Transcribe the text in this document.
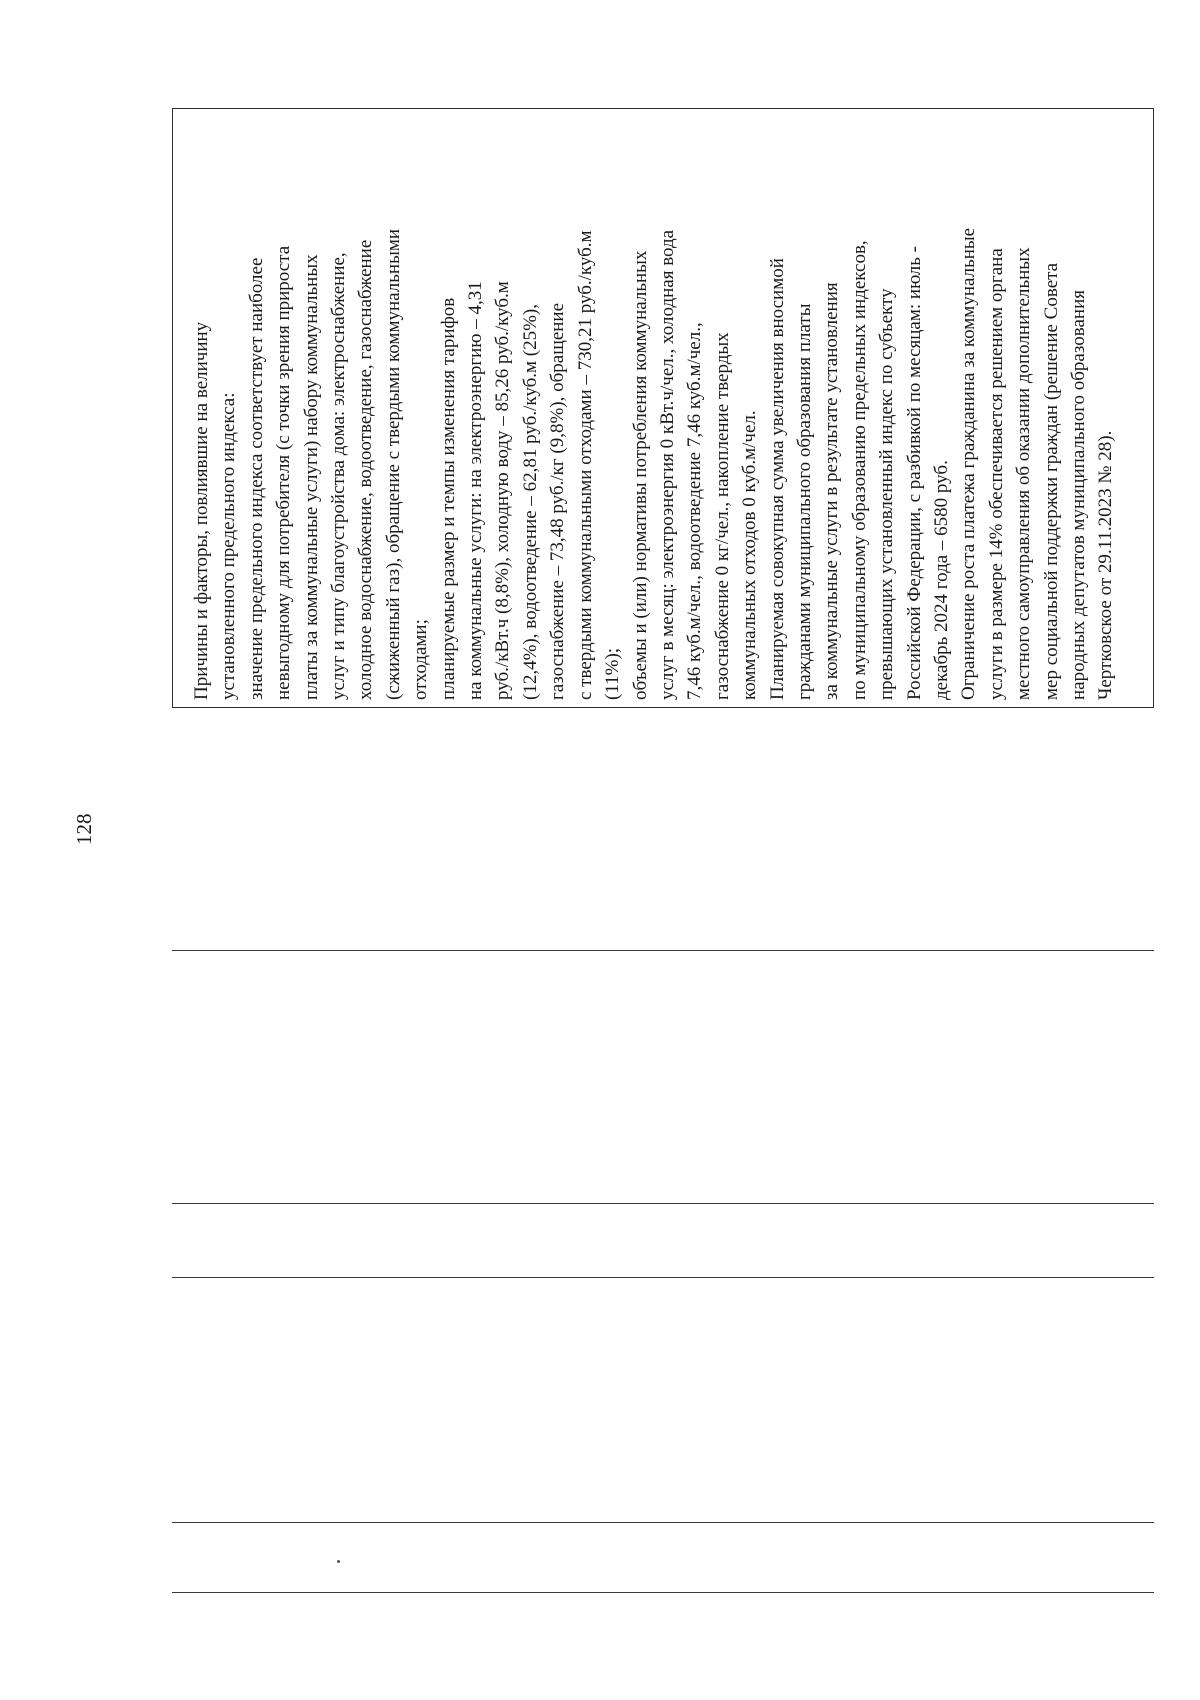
128
Причины и факторы, повлиявшие на величину установленного предельного индекса: значение предельного индекса соответствует наиболее невыгодному для потребителя (с точки зрения прироста платы за коммунальные услуги) набору коммунальных услуг и типу благоустройства дома: электроснабжение, холодное водоснабжение, водоотведение, газоснабжение (сжиженный газ), обращение с твердыми коммунальными отходами; планируемые размер и темпы изменения тарифов на коммунальные услуги: на электроэнергию – 4,31 руб./кВт.ч (8,8%), холодную воду – 85,26 руб./куб.м (12,4%), водоотведение – 62,81 руб./куб.м (25%), газоснабжение – 73,48 руб./кг (9,8%), обращение с твердыми коммунальными отходами – 730,21 руб./куб.м (11%); объемы и (или) нормативы потребления коммунальных услуг в месяц: электроэнергия 0 кВт.ч/чел., холодная вода 7,46 куб.м/чел., водоотведение 7,46 куб.м/чел., газоснабжение 0 кг/чел., накопление твердых коммунальных отходов 0 куб.м/чел. Планируемая совокупная сумма увеличения вносимой гражданами муниципального образования платы за коммунальные услуги в результате установления по муниципальному образованию предельных индексов, превышающих установленный индекс по субъекту Российской Федерации, с разбивкой по месяцам: июль - декабрь 2024 года – 6580 руб. Ограничение роста платежа гражданина за коммунальные услуги в размере 14% обеспечивается решением органа местного самоуправления об оказании дополнительных мер социальной поддержки граждан (решение Совета народных депутатов муниципального образования Чертковское от 29.11.2023 № 28).
